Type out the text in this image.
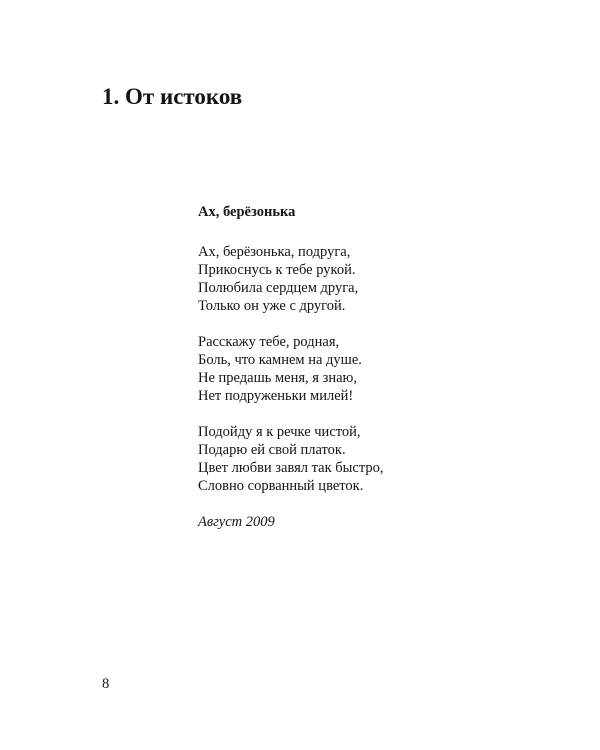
1. От истоков
Ах, берёзонька

Ах, берёзонька, подруга,
Прикоснусь к тебе рукой.
Полюбила сердцем друга,
Только он уже с другой.

Расскажу тебе, родная,
Боль, что камнем на душе.
Не предашь меня, я знаю,
Нет подруженьки милей!

Подойду я к речке чистой,
Подарю ей свой платок.
Цвет любви завял так быстро,
Словно сорванный цветок.

Август 2009
8
